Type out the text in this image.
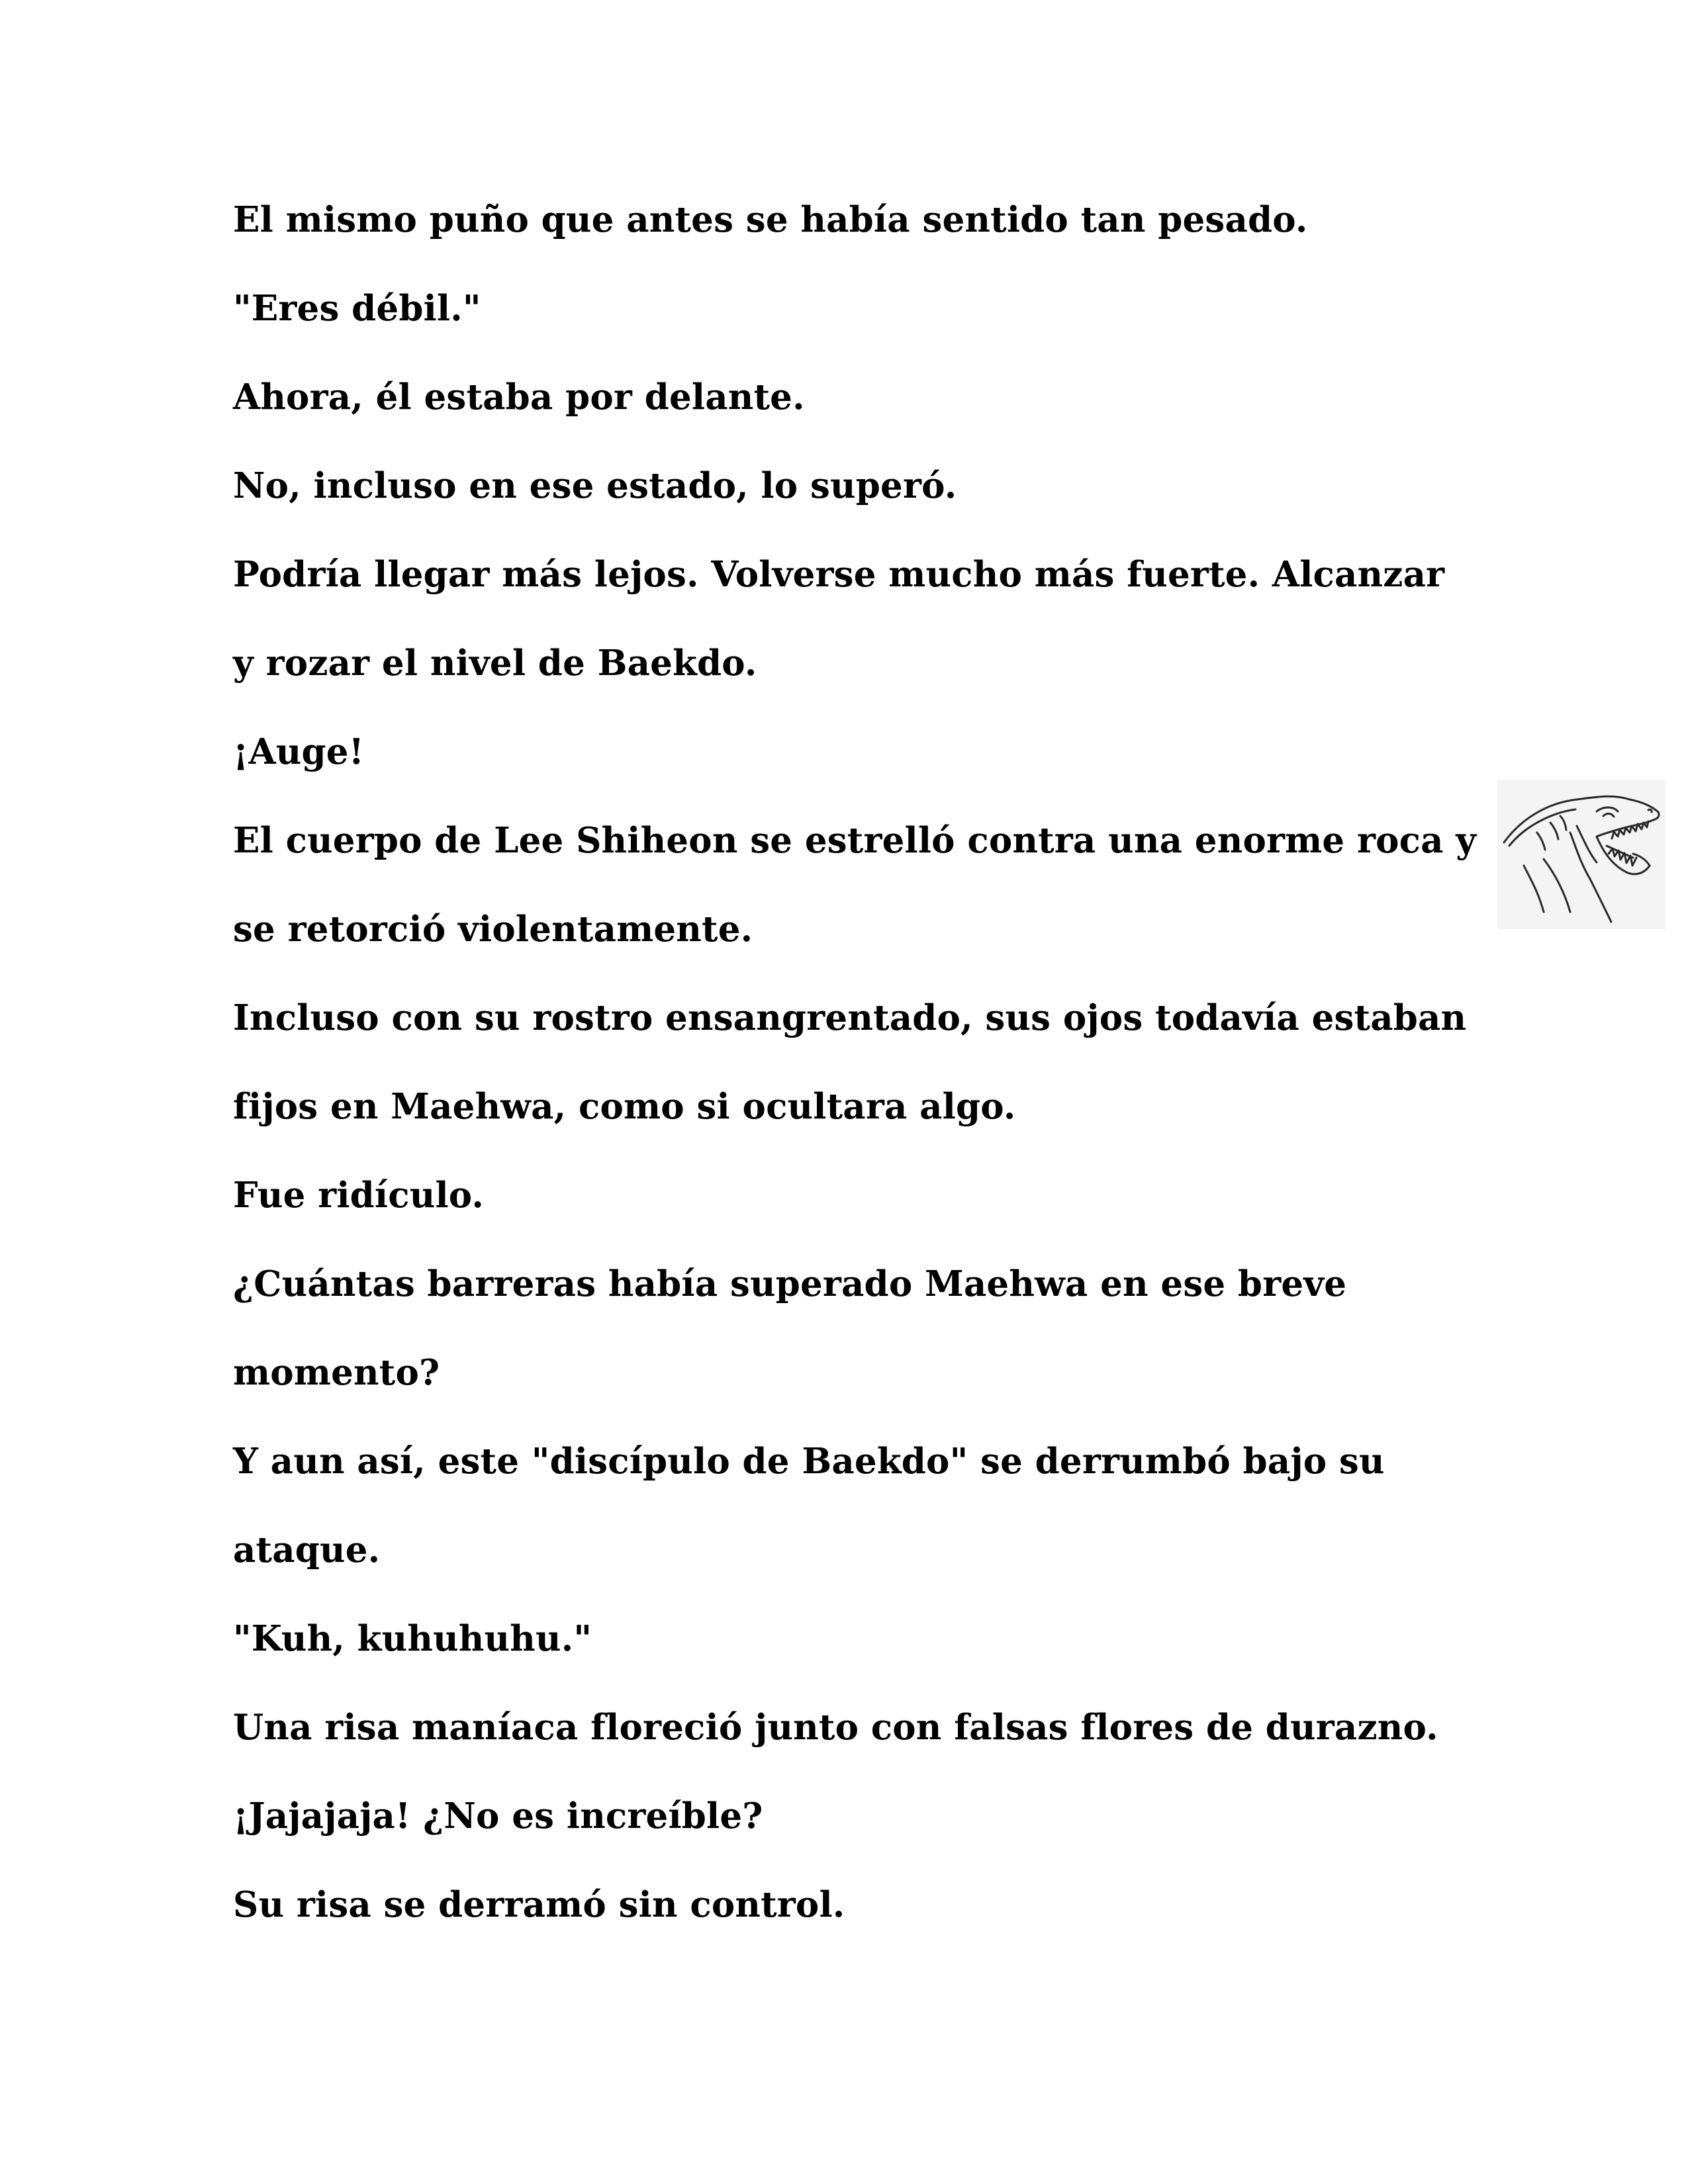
El mismo puño que antes se había sentido tan pesado.
"Eres débil."
Ahora, él estaba por delante.
No, incluso en ese estado, lo superó.
Podría llegar más lejos. Volverse mucho más fuerte. Alcanzar
y rozar el nivel de Baekdo.
¡Auge!
El cuerpo de Lee Shiheon se estrelló contra una enorme roca y
se retorció violentamente.
Incluso con su rostro ensangrentado, sus ojos todavía estaban
fijos en Maehwa, como si ocultara algo.
Fue ridículo.
¿Cuántas barreras había superado Maehwa en ese breve
momento?
Y aun así, este "discípulo de Baekdo" se derrumbó bajo su
ataque.
"Kuh, kuhuhuhu."
Una risa maníaca floreció junto con falsas flores de durazno.
¡Jajajaja! ¿No es increíble?
Su risa se derramó sin control.
